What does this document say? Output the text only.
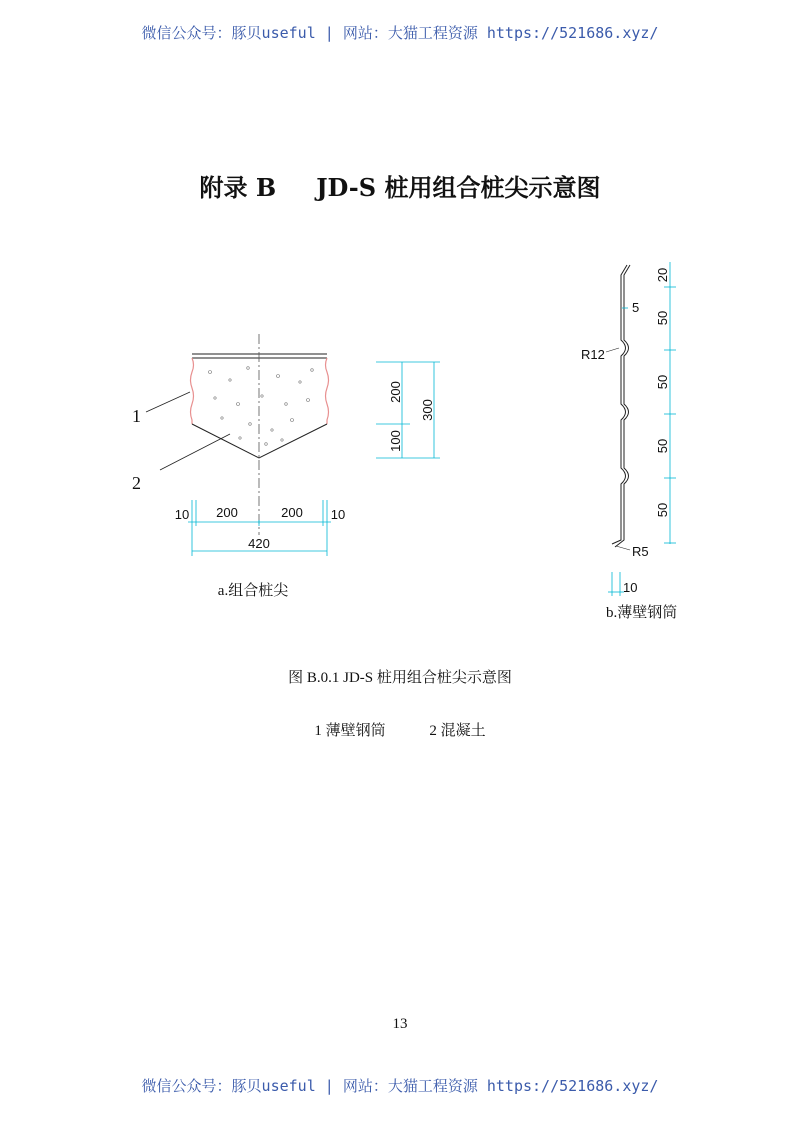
微信公众号：豚贝useful | 网站：大猫工程资源 https://521686.xyz/
附录 B JD-S 桩用组合桩尖示意图
1
2
200
100
300
10 200	200 10
420
a.组合桩尖
5
20
50
50
50
50
R12
R5
10
b.薄壁钢筒
图 B.0.1 JD-S 桩用组合桩尖示意图
1 薄壁钢筒	2 混凝土
13
微信公众号：豚贝useful | 网站：大猫工程资源 https://521686.xyz/
